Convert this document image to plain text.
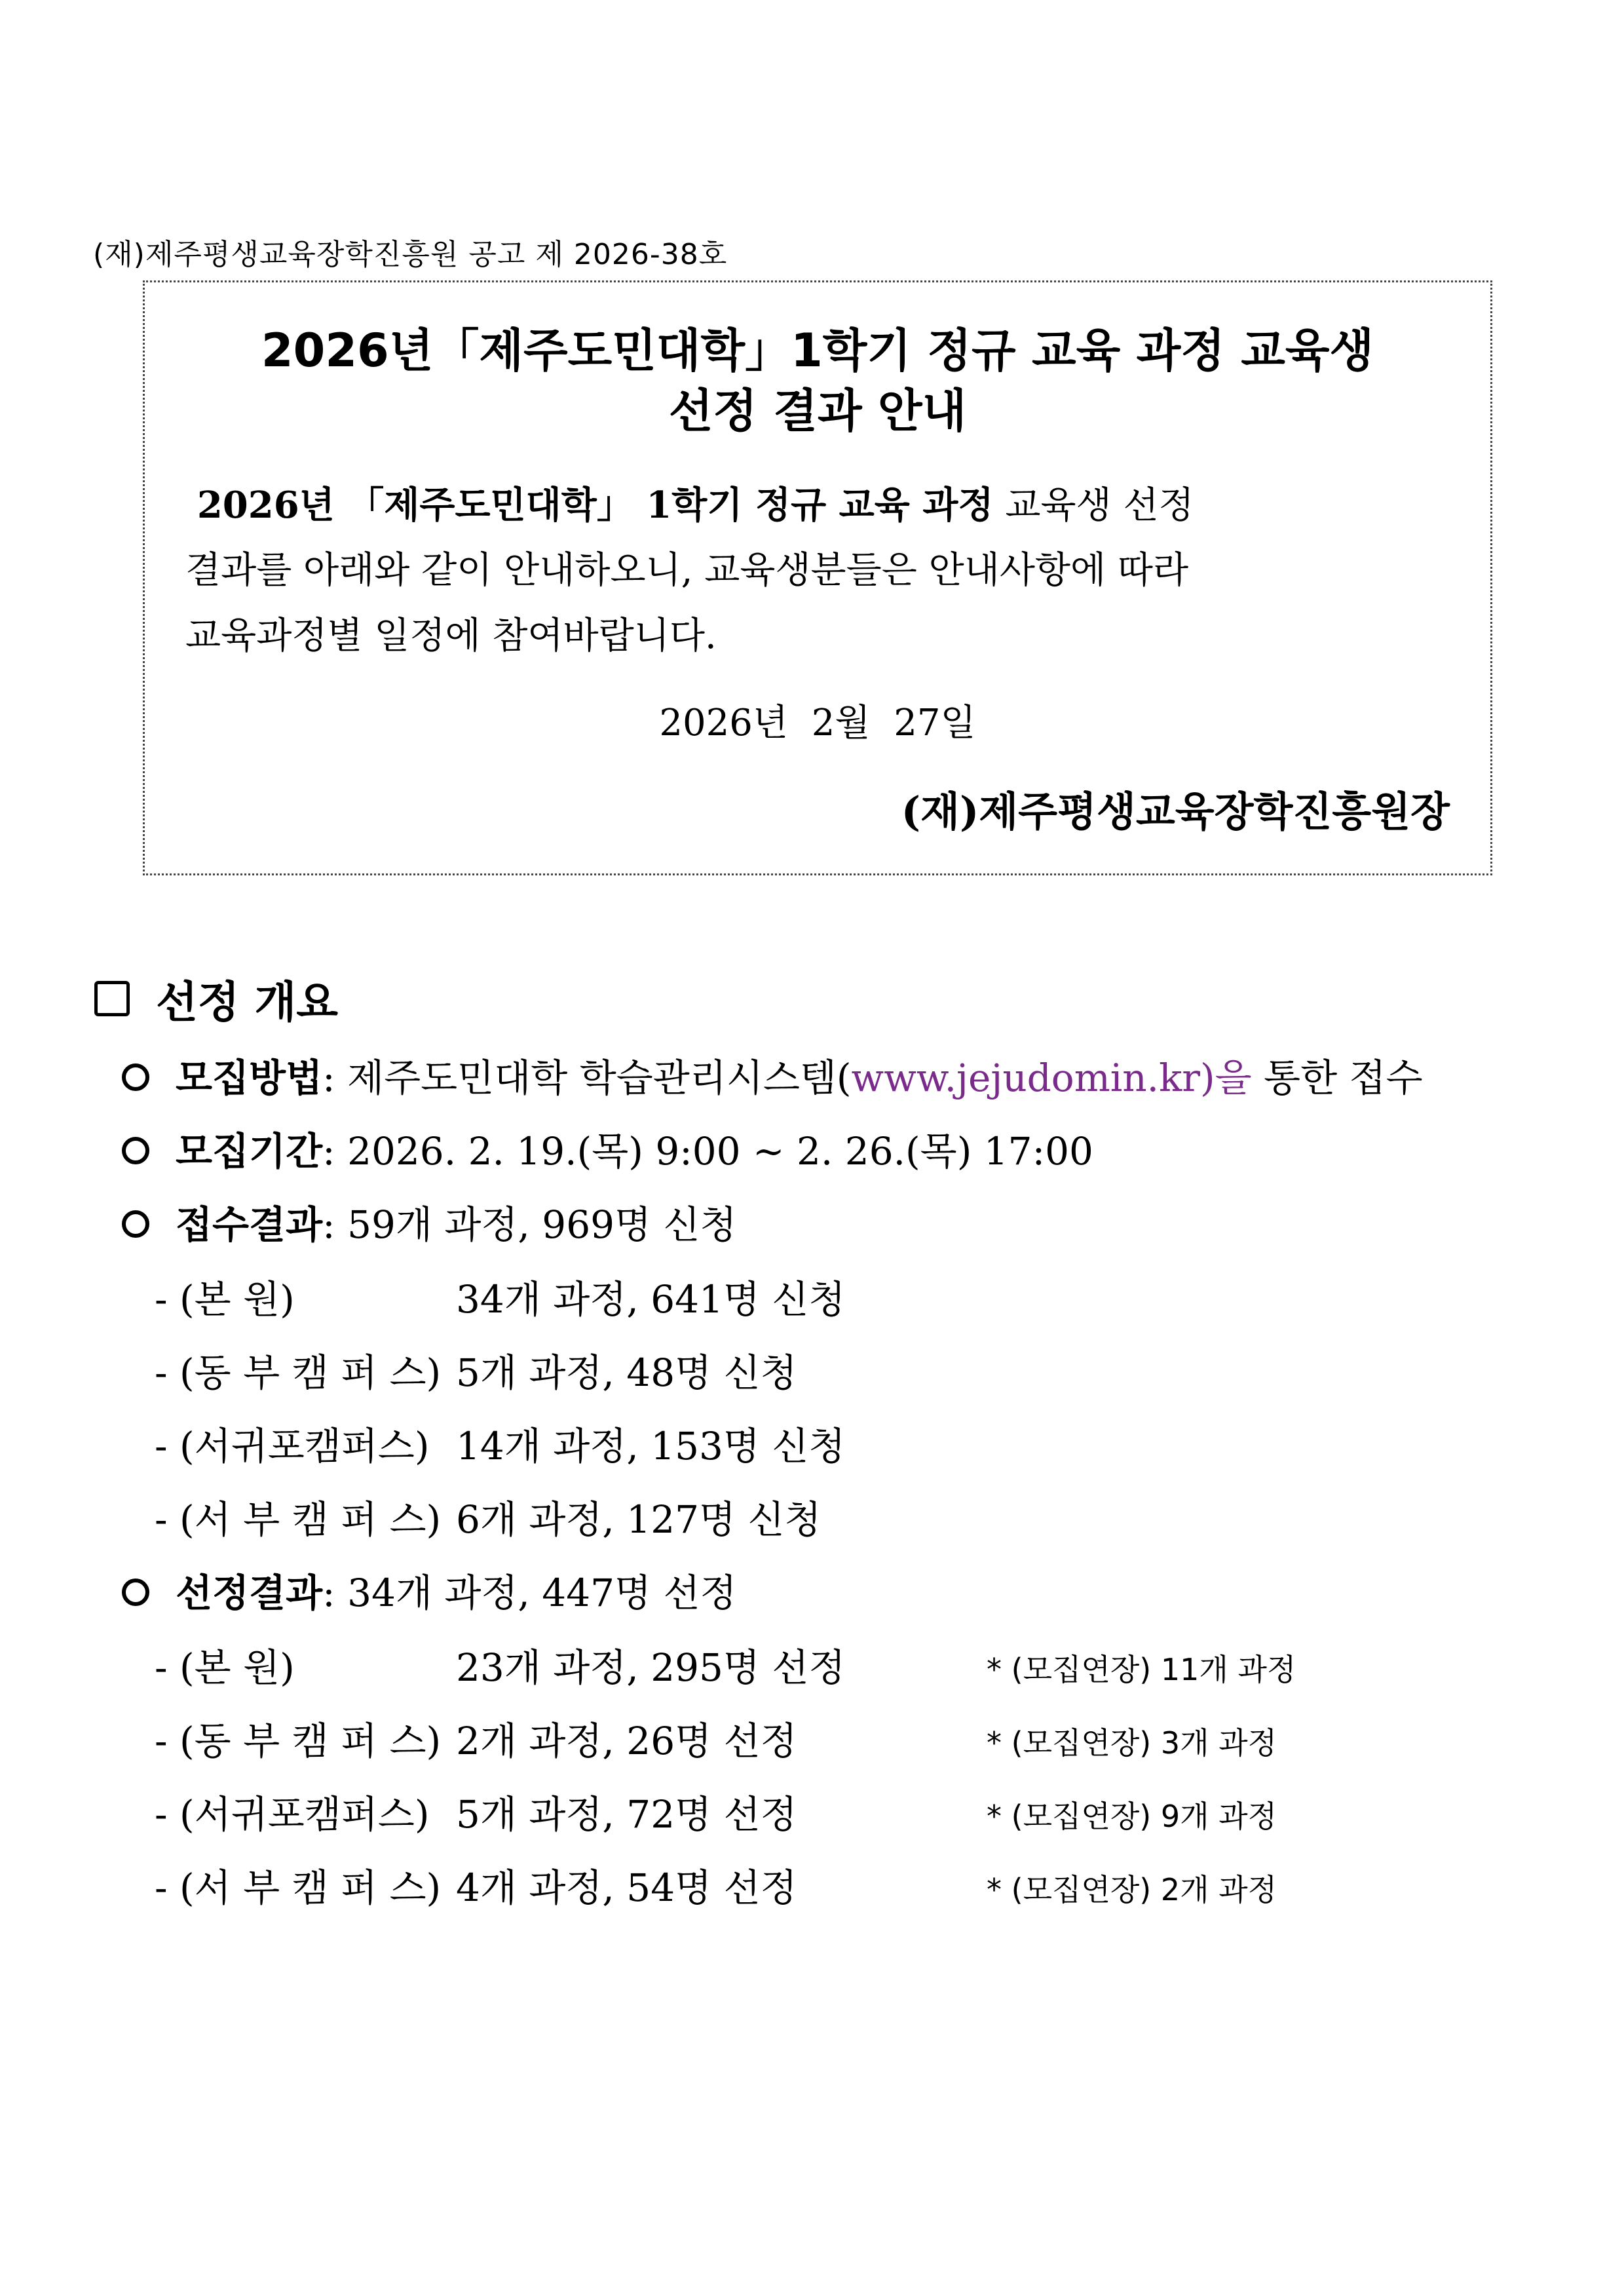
(재)제주평생교육장학진흥원 공고 제 2026-38호
2026년「제주도민대학」1학기 정규 교육 과정 교육생
선정 결과 안내
2026년 「제주도민대학」 1학기 정규 교육 과정 교육생 선정
결과를 아래와 같이 안내하오니, 교육생분들은 안내사항에 따라
교육과정별 일정에 참여바랍니다.
2026년 2월 27일
(재)제주평생교육장학진흥원장
선정 개요
모집방법: 제주도민대학 학습관리시스템(www.jejudomin.kr)을 통한 접수
모집기간: 2026. 2. 19.(목) 9:00 ~ 2. 26.(목) 17:00
접수결과: 59개 과정, 969명 신청
- (본 원)	34개 과정, 641명 신청
- (동 부 캠 퍼 스) 5개 과정, 48명 신청
- (서귀포캠퍼스) 14개 과정, 153명 신청
- (서 부 캠 퍼 스) 6개 과정, 127명 신청
선정결과: 34개 과정, 447명 선정
- (본 원)	23개 과정, 295명 선정	* (모집연장) 11개 과정
- (동 부 캠 퍼 스) 2개 과정, 26명 선정	* (모집연장) 3개 과정
- (서귀포캠퍼스) 5개 과정, 72명 선정	* (모집연장) 9개 과정
- (서 부 캠 퍼 스) 4개 과정, 54명 선정	* (모집연장) 2개 과정
